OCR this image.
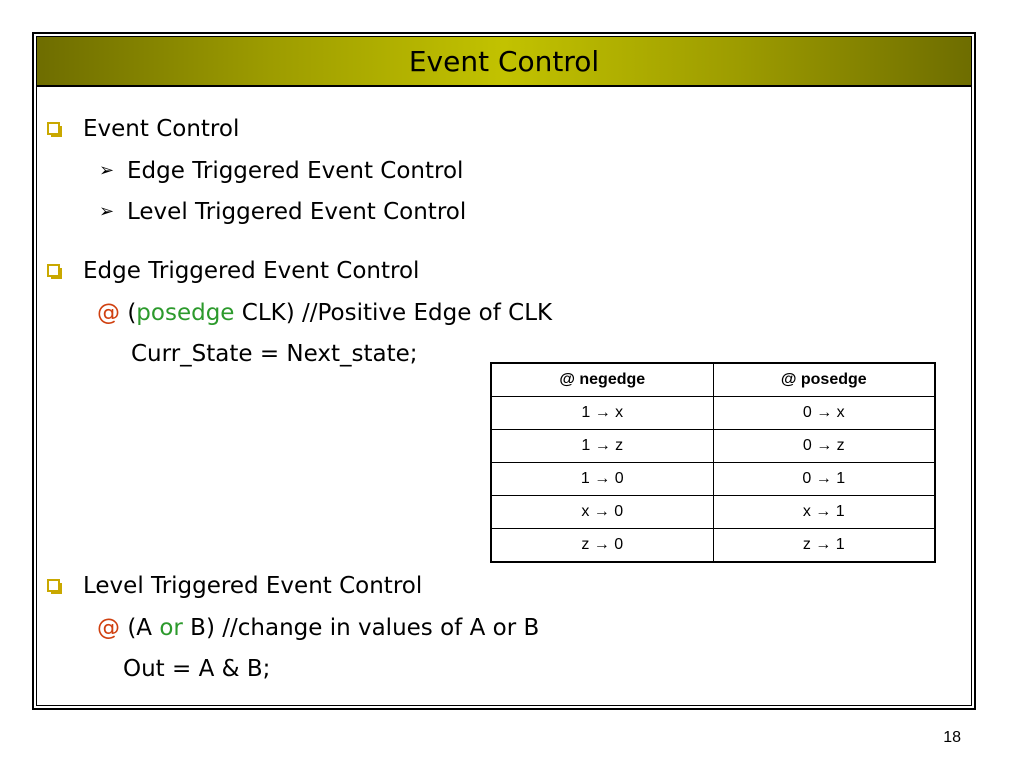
Event Control
Event Control
➢ Edge Triggered Event Control
➢ Level Triggered Event Control
Edge Triggered Event Control
@ (posedge CLK) //Positive Edge of CLK
Curr_State = Next_state;
@ negedge	@ posedge
1 → x	0 → x
1 → z	0 → z
1 → 0	0 → 1
x → 0	x → 1
z → 0	z → 1
Level Triggered Event Control
@ (A or B) //change in values of A or B
Out = A & B;
18
